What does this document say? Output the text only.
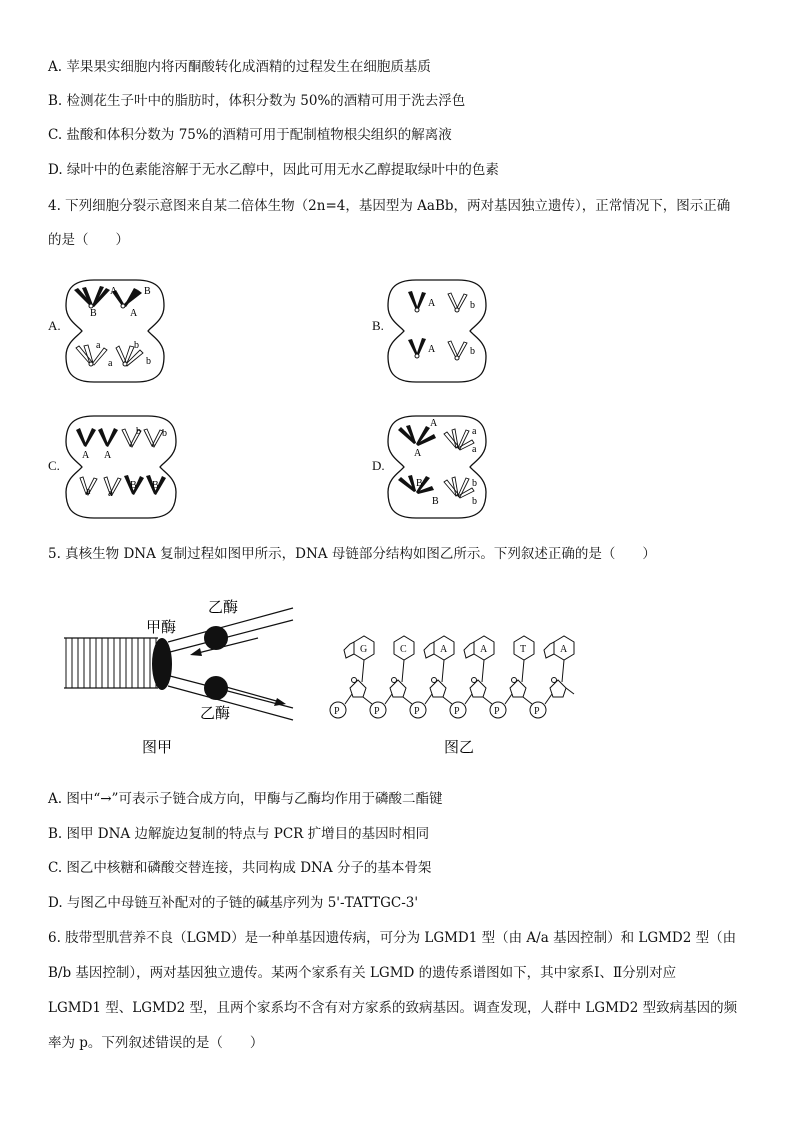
A. 苹果果实细胞内将丙酮酸转化成酒精的过程发生在细胞质基质
B. 检测花生子叶中的脂肪时，体积分数为 50%的酒精可用于洗去浮色
C. 盐酸和体积分数为 75%的酒精可用于配制植物根尖组织的解离液
D. 绿叶中的色素能溶解于无水乙醇中，因此可用无水乙醇提取绿叶中的色素
4. 下列细胞分裂示意图来自某二倍体生物（2n=4，基因型为 AaBb，两对基因独立遗传），正常情况下，图示正确
的是（　　）
A.	B.
C.	D.
A	B
B	A
a
a
b
b
A	b
A	b
A A
b b
a a
B B
A
A
a
a
B
B
b
b
5. 真核生物 DNA 复制过程如图甲所示，DNA 母链部分结构如图乙所示。下列叙述正确的是（　　）
甲酶
乙酶
乙酶
图甲
P
G
P
C
P
A
P
A
P
T
P
A
图乙
A. 图中“→”可表示子链合成方向，甲酶与乙酶均作用于磷酸二酯键
B. 图甲 DNA 边解旋边复制的特点与 PCR 扩增目的基因时相同
C. 图乙中核糖和磷酸交替连接，共同构成 DNA 分子的基本骨架
D. 与图乙中母链互补配对的子链的碱基序列为 5'-TATTGC-3'
6. 肢带型肌营养不良（LGMD）是一种单基因遗传病，可分为 LGMD1 型（由 A/a 基因控制）和 LGMD2 型（由
B/b 基因控制），两对基因独立遗传。某两个家系有关 LGMD 的遗传系谱图如下，其中家系Ⅰ、Ⅱ分别对应
LGMD1 型、LGMD2 型，且两个家系均不含有对方家系的致病基因。调查发现，人群中 LGMD2 型致病基因的频
率为 p。下列叙述错误的是（　　）
